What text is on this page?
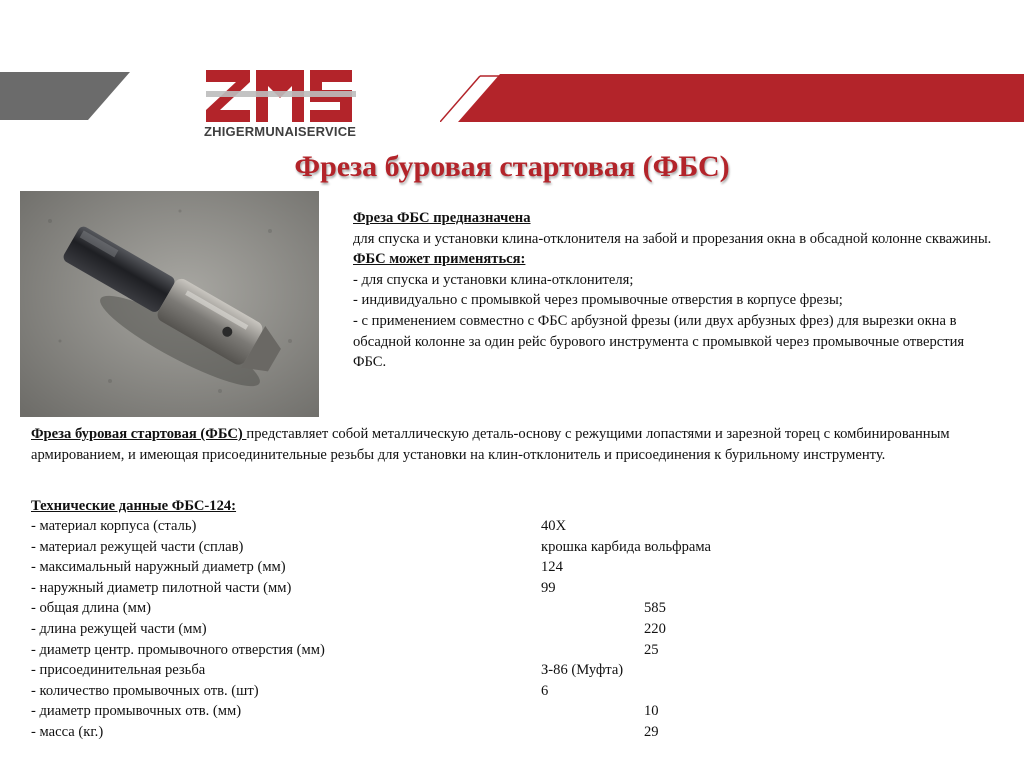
ZHIGERMUNAISERVICE
Фреза буровая стартовая (ФБС)

Фреза ФБС предназначена

для спуска и установки клина-отклонителя на забой и прорезания окна в обсадной колонне скважины.

ФБС может применяться:

- для спуска и установки клина-отклонителя;

- индивидуально с промывкой через промывочные отверстия в корпусе фрезы;

- с применением совместно с ФБС арбузной фрезы (или двух арбузных фрез) для вырезки окна в обсадной колонне за один рейс бурового инструмента с промывкой через промывочные отверстия ФБС.

Фреза буровая стартовая (ФБС) представляет собой металлическую деталь-основу с режущими лопастями и зарезной торец с комбинированным армированием, и имеющая присоединительные резьбы для установки на клин-отклонитель и присоединения к бурильному инструменту.

Технические данные ФБС-124:
- материал корпуса (сталь)	40Х
- материал режущей части (сплав)	крошка карбида вольфрама
- максимальный наружный диаметр (мм)	124
- наружный диаметр пилотной части (мм)	99
- общая длина (мм)	585
- длина режущей части (мм)	220
- диаметр центр. промывочного отверстия (мм)	25
- присоединительная резьба	З-86 (Муфта)
- количество промывочных отв. (шт)	6
- диаметр промывочных отв. (мм)	10
- масса (кг.)	29
